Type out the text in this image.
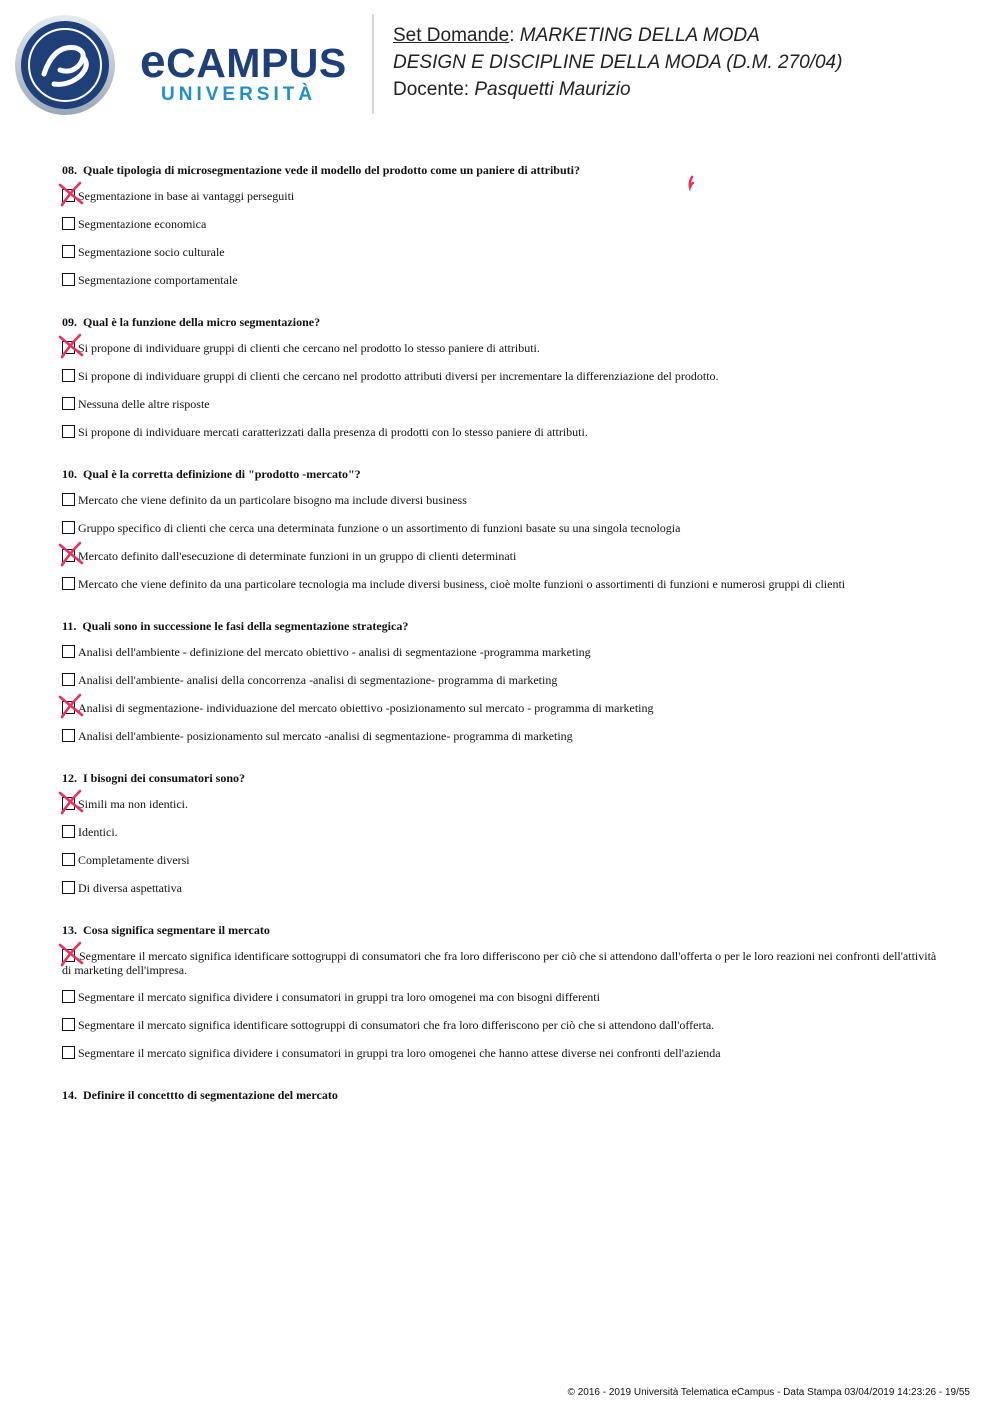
eCAMPUS
UNIVERSITÀ
Set Domande: MARKETING DELLA MODA
DESIGN E DISCIPLINE DELLA MODA (D.M. 270/04)
Docente: Pasquetti Maurizio
08. Quale tipologia di microsegmentazione vede il modello del prodotto come un paniere di attributi?
Segmentazione in base ai vantaggi perseguiti
Segmentazione economica
Segmentazione socio culturale
Segmentazione comportamentale
09. Qual è la funzione della micro segmentazione?
Si propone di individuare gruppi di clienti che cercano nel prodotto lo stesso paniere di attributi.
Si propone di individuare gruppi di clienti che cercano nel prodotto attributi diversi per incrementare la differenziazione del prodotto.
Nessuna delle altre risposte
Si propone di individuare mercati caratterizzati dalla presenza di prodotti con lo stesso paniere di attributi.
10. Qual è la corretta definizione di "prodotto -mercato"?
Mercato che viene definito da un particolare bisogno ma include diversi business
Gruppo specifico di clienti che cerca una determinata funzione o un assortimento di funzioni basate su una singola tecnologia
Mercato definito dall'esecuzione di determinate funzioni in un gruppo di clienti determinati
Mercato che viene definito da una particolare tecnologia ma include diversi business, cioè molte funzioni o assortimenti di funzioni e numerosi gruppi di clienti
11. Quali sono in successione le fasi della segmentazione strategica?
Analisi dell'ambiente - definizione del mercato obiettivo - analisi di segmentazione -programma marketing
Analisi dell'ambiente- analisi della concorrenza -analisi di segmentazione- programma di marketing
Analisi di segmentazione- individuazione del mercato obiettivo -posizionamento sul mercato - programma di marketing
Analisi dell'ambiente- posizionamento sul mercato -analisi di segmentazione- programma di marketing
12. I bisogni dei consumatori sono?
Simili ma non identici.
Identici.
Completamente diversi
Di diversa aspettativa
13. Cosa significa segmentare il mercato
Segmentare il mercato significa identificare sottogruppi di consumatori che fra loro differiscono per ciò che si attendono dall'offerta o per le loro reazioni nei confronti dell'attività di marketing dell'impresa.
Segmentare il mercato significa dividere i consumatori in gruppi tra loro omogenei ma con bisogni differenti
Segmentare il mercato significa identificare sottogruppi di consumatori che fra loro differiscono per ciò che si attendono dall'offerta.
Segmentare il mercato significa dividere i consumatori in gruppi tra loro omogenei che hanno attese diverse nei confronti dell'azienda
14. Definire il concettto di segmentazione del mercato
© 2016 - 2019 Università Telematica eCampus - Data Stampa 03/04/2019 14:23:26 - 19/55
